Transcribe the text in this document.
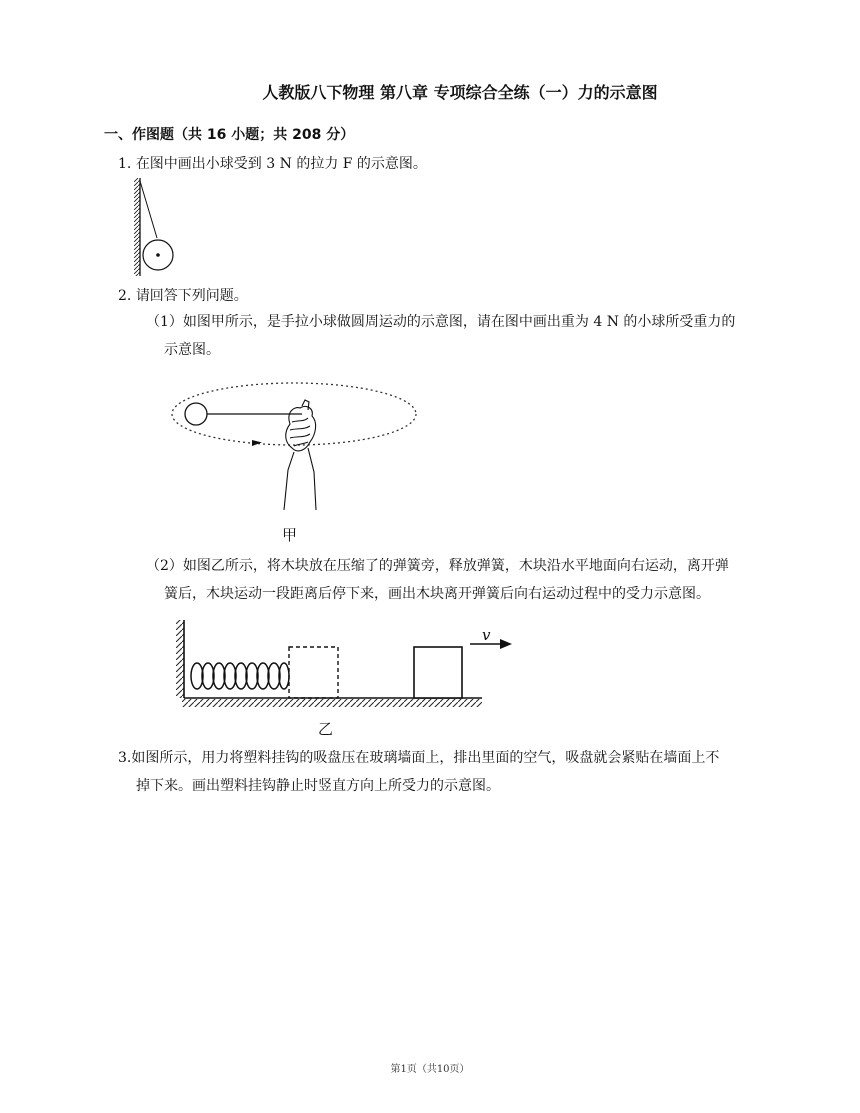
人教版八下物理 第八章 专项综合全练（一）力的示意图
一、作图题（共 16 小题；共 208 分）
1. 在图中画出小球受到 3 N 的拉力 F 的示意图。
2. 请回答下列问题。
（1）如图甲所示，是手拉小球做圆周运动的示意图，请在图中画出重为 4 N 的小球所受重力的
示意图。
甲
（2）如图乙所示，将木块放在压缩了的弹簧旁，释放弹簧，木块沿水平地面向右运动，离开弹
簧后，木块运动一段距离后停下来，画出木块离开弹簧后向右运动过程中的受力示意图。
v
乙
3.如图所示，用力将塑料挂钩的吸盘压在玻璃墙面上，排出里面的空气，吸盘就会紧贴在墙面上不
掉下来。画出塑料挂钩静止时竖直方向上所受力的示意图。
第1页（共10页）
